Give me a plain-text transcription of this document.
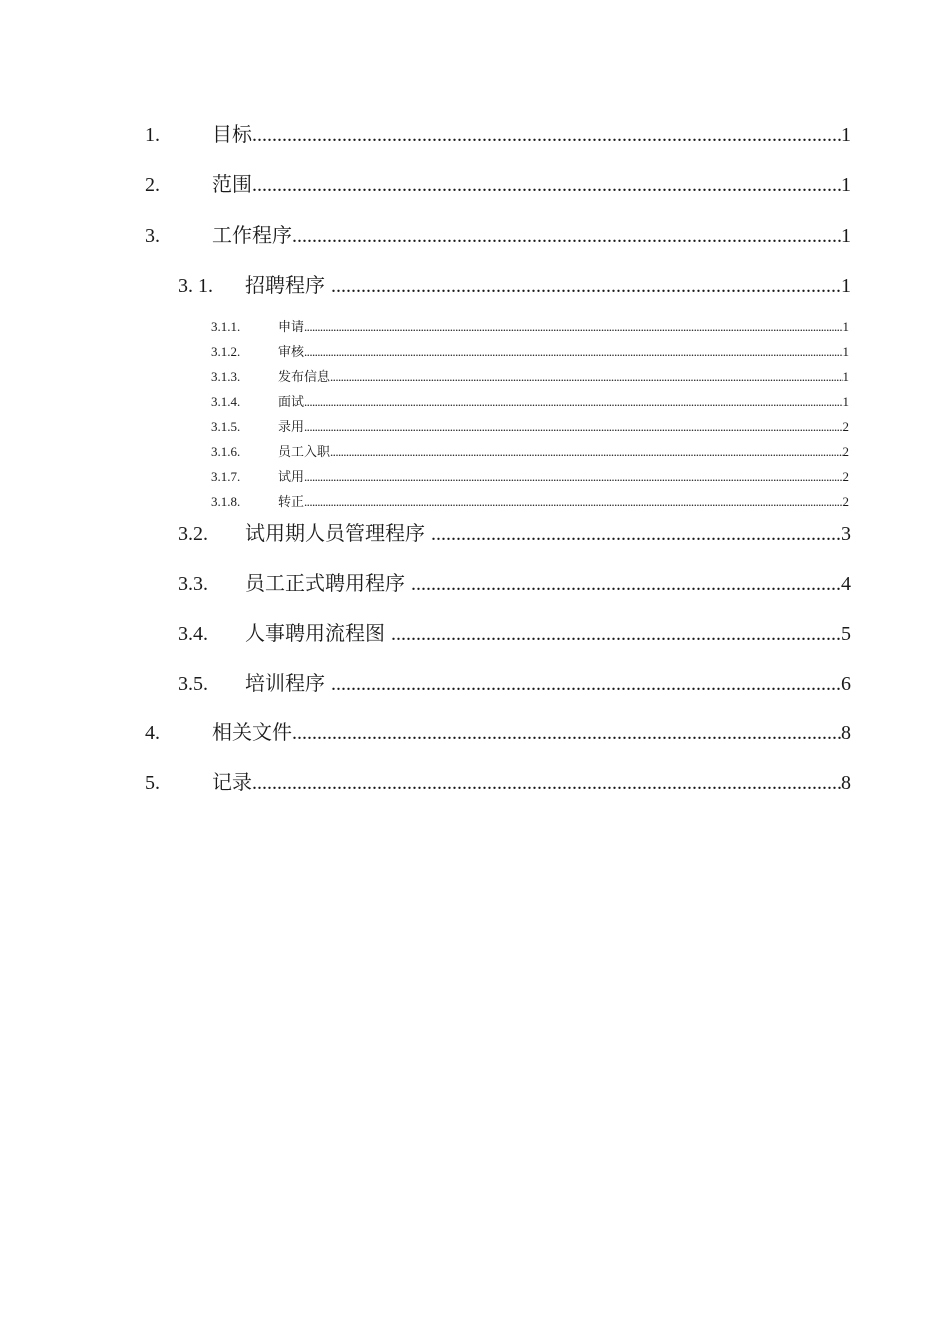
1.	目标 .....	1
2.	范围 .....	1
3.	工作程序 .....	1
3. 1.	招聘程序 .....	1
3.1.1.	申请 .....	1
3.1.2.	审核 .....	1
3.1.3.	发布信息 .....	1
3.1.4.	面试 .....	1
3.1.5.	录用 .....	2
3.1.6.	员工入职 .....	2
3.1.7.	试用 .....	2
3.1.8.	转正 .....	2
3.2.	试用期人员管理程序 .....	3
3.3.	员工正式聘用程序 .....	4
3.4.	人事聘用流程图 .....	5
3.5.	培训程序 .....	6
4.	相关文件 .....	8
5.	记录 .....	8
